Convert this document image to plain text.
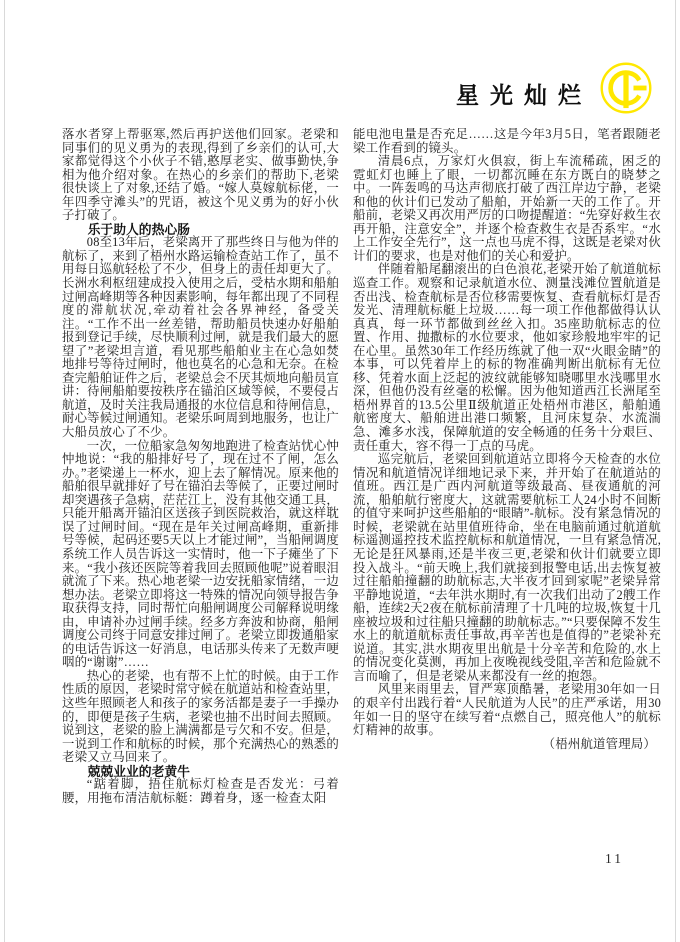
星光灿烂

落水者穿上帮驱寒,然后再护送他们回家。老梁和同事们的见义勇为的表现,得到了乡亲们的认可,大家都觉得这个小伙子不错,憨厚老实、做事勤快,争相为他介绍对象。在热心的乡亲们的帮助下,老梁很快谈上了对象,还结了婚。“嫁人莫嫁航标佬，一年四季守滩头”的咒语，被这个见义勇为的好小伙子打破了。

乐于助人的热心肠

08至13年后，老梁离开了那些终日与他为伴的航标了，来到了梧州水路运输检查站工作了，虽不用每日巡航轻松了不少，但身上的责任却更大了。长洲水利枢纽建成投入使用之后，受枯水期和船舶过闸高峰期等各种因素影响，每年都出现了不同程度的滞航状况,牵动着社会各界神经，备受关注。“工作不出一丝差错，帮助船员快速办好船舶报到登记手续，尽快顺利过闸，就是我们最大的愿望了”老梁坦言道，看见那些船舶业主在心急如焚地排号等待过闸时，他也莫名的心急和无奈。在检查完船舶证件之后，老梁总会不厌其烦地向船员宣讲：待闸船舶要按秩序在锚泊区域等候，不要侵占航道，及时关注我局通报的水位信息和待闸信息，耐心等候过闸通知。老梁乐呵周到地服务，也让广大船员放心了不少。

一次，一位船家急匆匆地跑进了检查站忧心忡忡地说：“我的船排好号了，现在过不了闸，怎么办。”老梁递上一杯水，迎上去了解情况。原来他的船舶很早就排好了号在锚泊去等候了，正要过闸时却突遇孩子急病，茫茫江上，没有其他交通工具，只能开船离开锚泊区送孩子到医院救治，就这样耽误了过闸时间。“现在是年关过闸高峰期，重新排号等候，起码还要5天以上才能过闸”，当船闸调度系统工作人员告诉这一实情时，他一下子瘫坐了下来。“我小孩还医院等着我回去照顾他呢”说着眼泪就流了下来。热心地老梁一边安抚船家情绪，一边想办法。老梁立即将这一特殊的情况向领导报告争取获得支持，同时帮忙向船闸调度公司解释说明缘由，申请补办过闸手续。经多方奔波和协商，船闸调度公司终于同意安排过闸了。老梁立即拨通船家的电话告诉这一好消息，电话那头传来了无数声哽咽的“谢谢”……

热心的老梁，也有帮不上忙的时候。由于工作性质的原因，老梁时常守候在航道站和检查站里，这些年照顾老人和孩子的家务活都是妻子一手操办的，即便是孩子生病，老梁也抽不出时间去照顾。说到这，老梁的脸上满满都是亏欠和不安。但是，一说到工作和航标的时候，那个充满热心的熟悉的老梁又立马回来了。

兢兢业业的老黄牛

“踮着脚，捂住航标灯检查是否发光：弓着腰，用拖布清洁航标艇：蹲着身，逐一检查太阳

能电池电量是否充足……这是今年3月5日，笔者跟随老梁工作看到的镜头。

清晨6点，万家灯火俱寂，街上车流稀疏，困乏的霓虹灯也睡上了眼，一切都沉睡在东方既白的晓梦之中。一阵轰鸣的马达声彻底打破了西江岸边宁静，老梁和他的伙计们已发动了船舶，开始新一天的工作了。开船前，老梁又再次用严厉的口吻提醒道：“先穿好救生衣再开船，注意安全”，并逐个检查救生衣是否系牢。“水上工作安全先行”，这一点也马虎不得，这既是老梁对伙计们的要求，也是对他们的关心和爱护。

伴随着船尾翻滚出的白色浪花,老梁开始了航道航标巡查工作。观察和记录航道水位、测量浅滩位置航道是否出浅、检查航标是否位移需要恢复、查看航标灯是否发光、清理航标艇上垃圾……每一项工作他都做得认认真真，每一环节都做到丝丝入扣。35座助航标志的位置、作用、抛撒标的水位要求，他如家珍般地牢牢的记在心里。虽然30年工作经历练就了他一双“火眼金睛”的本事，可以凭着岸上的标的物准确判断出航标有无位移、凭着水面上泛起的波纹就能够知晓哪里水浅哪里水深，但他仍没有丝毫的松懈。因为他知道西江长洲尾至梧州界首的13.5公里Ⅱ级航道正处梧州市港区，船舶通航密度大、船舶进出港口频繁，且河床复杂、水流湍急、滩多水浅，保障航道的安全畅通的任务十分艰巨、责任重大，容不得一丁点的马虎。

巡完航后，老梁回到航道站立即将今天检查的水位情况和航道情况详细地记录下来，并开始了在航道站的值班。西江是广西内河航道等级最高、昼夜通航的河流，船舶航行密度大，这就需要航标工人24小时不间断的值守来呵护这些船舶的“眼睛”-航标。没有紧急情况的时候，老梁就在站里值班待命，坐在电脑前通过航道航标遥测遥控技术监控航标和航道情况，一旦有紧急情况,无论是狂风暴雨,还是半夜三更,老梁和伙计们就要立即投入战斗。“前天晚上,我们就接到报警电话,出去恢复被过往船舶撞翻的助航标志,大半夜才回到家呢”老梁异常平静地说道，“去年洪水期时,有一次我们出动了2艘工作船，连续2天2夜在航标前清理了十几吨的垃圾,恢复十几座被垃圾和过往船只撞翻的助航标志。”“只要保障不发生水上的航道航标责任事故,再辛苦也是值得的”老梁补充说道。其实,洪水期夜里出航是十分辛苦和危险的,水上的情况变化莫测，再加上夜晚视线受阻,辛苦和危险就不言而喻了，但是老梁从来都没有一丝的抱怨。

风里来雨里去，冒严寒顶酷暑，老梁用30年如一日的艰辛付出践行着“人民航道为人民”的庄严承诺，用30年如一日的坚守在续写着“点燃自己，照亮他人”的航标灯精神的故事。

（梧州航道管理局）

11
